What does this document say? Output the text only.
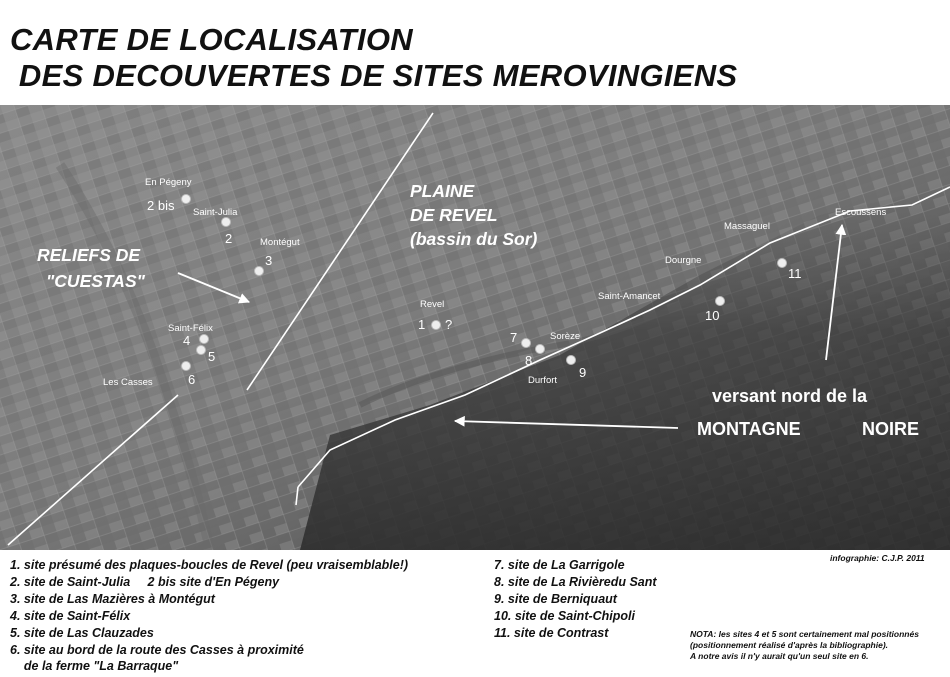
CARTE DE LOCALISATION
DES DECOUVERTES DE SITES MEROVINGIENS
En Pégeny
Saint-Julia
Montégut
Revel
Saint-Félix
Les Casses
Sorèze
Durfort
Saint-Amancet
Dourgne
Massaguel
Escoussens
2 bis
2
3
1 ?
4
5
6
7
8
9
10
11
PLAINE
DE REVEL
(bassin du Sor)
RELIEFS DE
"CUESTAS"
versant nord de la
MONTAGNE	NOIRE

1. site présumé des plaques-boucles de Revel (peu vraisemblable!)

2. site de Saint-Julia     2 bis site d'En Pégeny

3. site de Las Mazières à Montégut

4. site de Saint-Félix

5. site de Las Clauzades

6. site au bord de la route des Casses à proximité

de la ferme "La Barraque"

7. site de La Garrigole

8. site de La Rivièredu Sant

9. site de Berniquaut

10. site de Saint-Chipoli

11. site de Contrast

infographie: C.J.P. 2011

NOTA: les sites 4 et 5 sont certainement mal positionnés

(positionnement réalisé d'après la bibliographie).

A notre avis il n'y aurait qu'un seul site en 6.
